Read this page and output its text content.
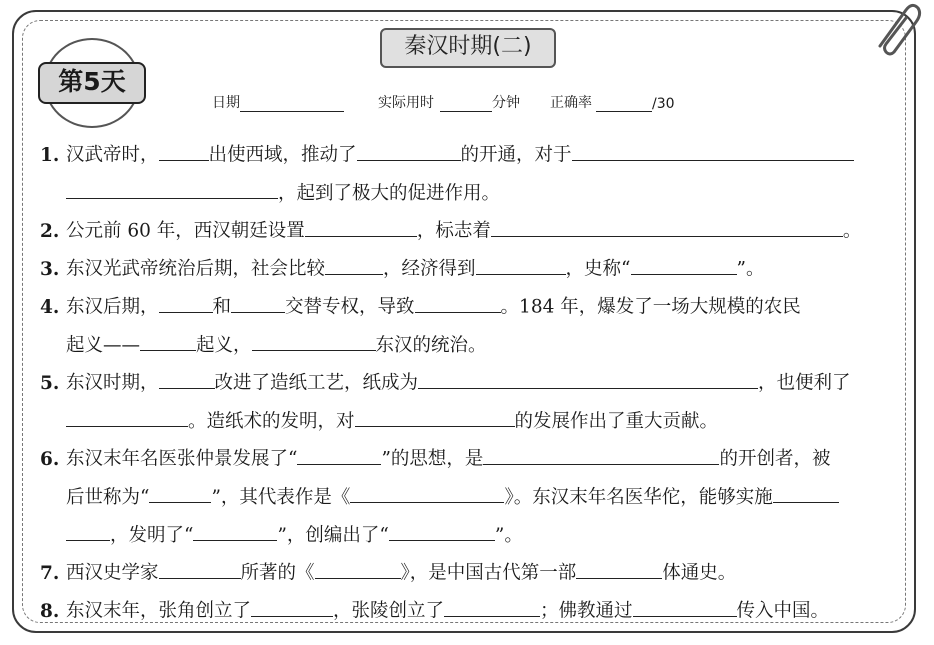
秦汉时期(二)
第5天
日期	实际用时	分钟 正确率	/30
1. 汉武帝时，	出使西域，推动了	的开通，对于
，起到了极大的促进作用。
2. 公元前 60 年，西汉朝廷设置	，标志着	。
3. 东汉光武帝统治后期，社会比较	，经济得到	，史称“	”。
4. 东汉后期，	和	交替专权，导致	。184 年，爆发了一场大规模的农民
起义——	起义，	东汉的统治。
5. 东汉时期，	改进了造纸工艺，纸成为	，也便利了
。造纸术的发明，对	的发展作出了重大贡献。
6. 东汉末年名医张仲景发展了“	”的思想，是	的开创者，被
后世称为“	”，其代表作是《	》。东汉末年名医华佗，能够实施
，发明了“	”，创编出了“	”。
7. 西汉史学家	所著的《	》，是中国古代第一部	体通史。
8. 东汉末年，张角创立了	，张陵创立了	；佛教通过	传入中国。
